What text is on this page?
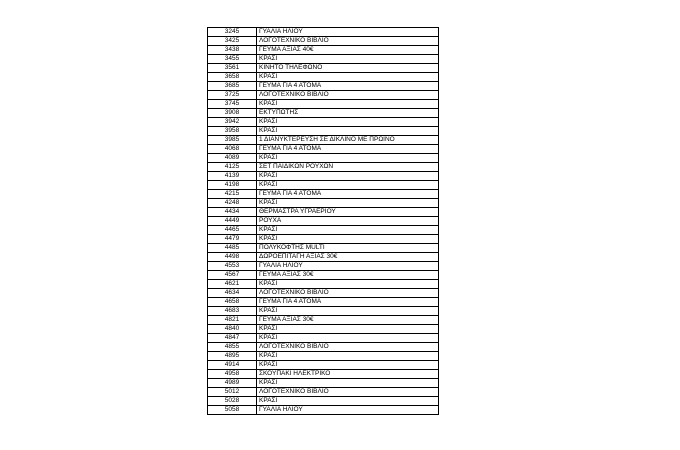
3245	ΓΥΑΛΙΑ ΗΛΙΟΥ
3425	ΛΟΓΟΤΕΧΝΙΚΟ ΒΙΒΛΙΟ
3438	ΓΕΥΜΑ ΑΞΙΑΣ 40€
3455	ΚΡΑΣΙ
3561	ΚΙΝΗΤΟ ΤΗΛΕΦΩΝΟ
3658	ΚΡΑΣΙ
3685	ΓΕΥΜΑ ΓΙΑ 4 ΑΤΟΜΑ
3725	ΛΟΓΟΤΕΧΝΙΚΟ ΒΙΒΛΙΟ
3745	ΚΡΑΣΙ
3908	ΕΚΤΥΠΩΤΗΣ
3942	ΚΡΑΣΙ
3958	ΚΡΑΣΙ
3985	1 ΔΙΑΝΥΚΤΕΡΕΥΣΗ ΣΕ ΔΙΚΛΙΝΟ ΜΕ ΠΡΩΙΝΟ
4068	ΓΕΥΜΑ ΓΙΑ 4 ΑΤΟΜΑ
4089	ΚΡΑΣΙ
4125	ΣΕΤ ΠΑΙΔΙΚΩΝ ΡΟΥΧΩΝ
4139	ΚΡΑΣΙ
4198	ΚΡΑΣΙ
4215	ΓΕΥΜΑ ΓΙΑ 4 ΑΤΟΜΑ
4248	ΚΡΑΣΙ
4434	ΘΕΡΜΑΣΤΡΑ ΥΓΡΑΕΡΙΟΥ
4449	ΡΟΥΧΑ
4465	ΚΡΑΣΙ
4479	ΚΡΑΣΙ
4485	ΠΟΛΥΚΟΦΤΗΣ MULTI
4498	ΔΩΡΟΕΠΙΤΑΓΗ ΑΞΙΑΣ 30€
4553	ΓΥΑΛΙΑ ΗΛΙΟΥ
4567	ΓΕΥΜΑ ΑΞΙΑΣ 30€
4621	ΚΡΑΣΙ
4634	ΛΟΓΟΤΕΧΝΙΚΟ ΒΙΒΛΙΟ
4658	ΓΕΥΜΑ ΓΙΑ 4 ΑΤΟΜΑ
4683	ΚΡΑΣΙ
4821	ΓΕΥΜΑ ΑΞΙΑΣ 30€
4840	ΚΡΑΣΙ
4847	ΚΡΑΣΙ
4855	ΛΟΓΟΤΕΧΝΙΚΟ ΒΙΒΛΙΟ
4895	ΚΡΑΣΙ
4914	ΚΡΑΣΙ
4958	ΣΚΟΥΠΑΚΙ ΗΛΕΚΤΡΙΚΟ
4989	ΚΡΑΣΙ
5012	ΛΟΓΟΤΕΧΝΙΚΟ ΒΙΒΛΙΟ
5028	ΚΡΑΣΙ
5058	ΓΥΑΛΙΑ ΗΛΙΟΥ
